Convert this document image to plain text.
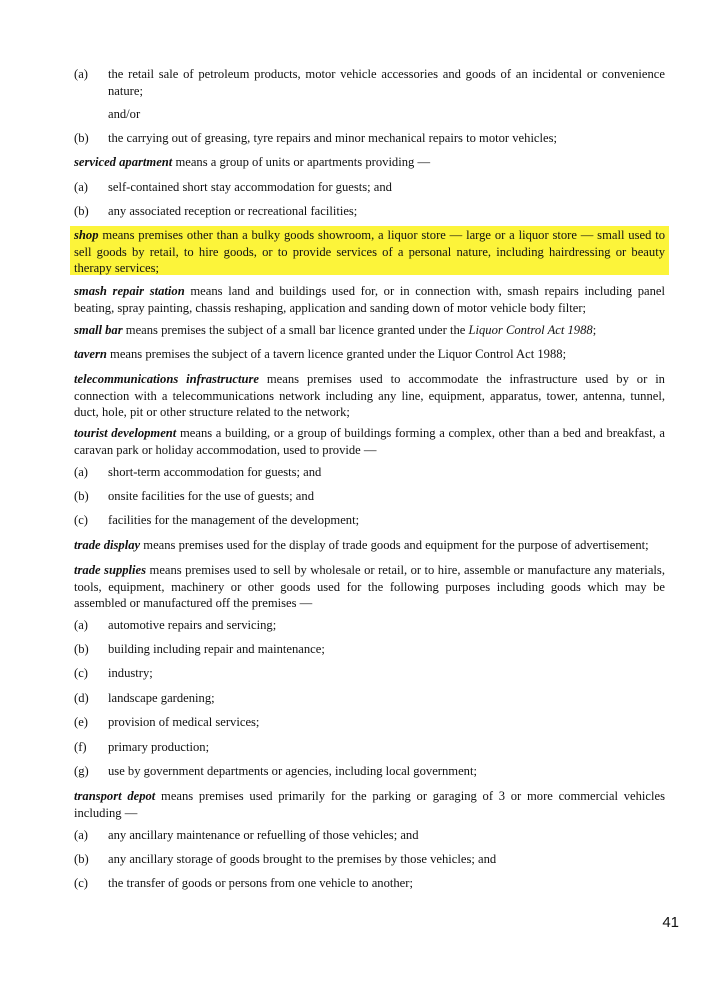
(a) the retail sale of petroleum products, motor vehicle accessories and goods of an incidental or convenience nature;
and/or
(b) the carrying out of greasing, tyre repairs and minor mechanical repairs to motor vehicles;

serviced apartment means a group of units or apartments providing —

(a) self-contained short stay accommodation for guests; and
(b) any associated reception or recreational facilities;

shop means premises other than a bulky goods showroom, a liquor store — large or a liquor store — small used to sell goods by retail, to hire goods, or to provide services of a personal nature, including hairdressing or beauty therapy services;

smash repair station means land and buildings used for, or in connection with, smash repairs including panel beating, spray painting, chassis reshaping, application and sanding down of motor vehicle body filter;

small bar means premises the subject of a small bar licence granted under the Liquor Control Act 1988;

tavern means premises the subject of a tavern licence granted under the Liquor Control Act 1988;

telecommunications infrastructure means premises used to accommodate the infrastructure used by or in connection with a telecommunications network including any line, equipment, apparatus, tower, antenna, tunnel, duct, hole, pit or other structure related to the network;

tourist development means a building, or a group of buildings forming a complex, other than a bed and breakfast, a caravan park or holiday accommodation, used to provide —

(a) short-term accommodation for guests; and
(b) onsite facilities for the use of guests; and
(c) facilities for the management of the development;

trade display means premises used for the display of trade goods and equipment for the purpose of advertisement;

trade supplies means premises used to sell by wholesale or retail, or to hire, assemble or manufacture any materials, tools, equipment, machinery or other goods used for the following purposes including goods which may be assembled or manufactured off the premises —

(a) automotive repairs and servicing;
(b) building including repair and maintenance;
(c) industry;
(d) landscape gardening;
(e) provision of medical services;
(f) primary production;
(g) use by government departments or agencies, including local government;

transport depot means premises used primarily for the parking or garaging of 3 or more commercial vehicles including —

(a) any ancillary maintenance or refuelling of those vehicles; and
(b) any ancillary storage of goods brought to the premises by those vehicles; and
(c) the transfer of goods or persons from one vehicle to another;
41
